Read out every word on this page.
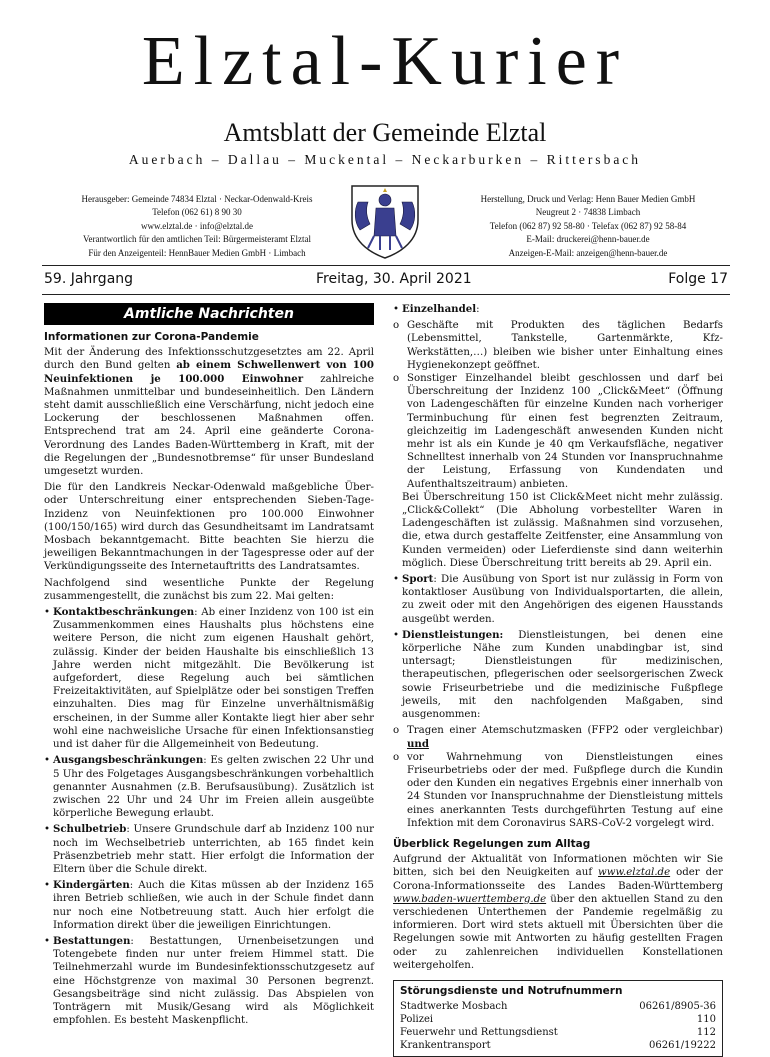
Elztal-Kurier
Amtsblatt der Gemeinde Elztal
Auerbach – Dallau – Muckental – Neckarburken – Rittersbach
Herausgeber: Gemeinde 74834 Elztal · Neckar-Odenwald-Kreis
Telefon (062 61) 8 90 30
www.elztal.de · info@elztal.de
Verantwortlich für den amtlichen Teil: Bürgermeisteramt Elztal
Für den Anzeigenteil: HennBauer Medien GmbH · Limbach
Herstellung, Druck und Verlag: Henn Bauer Medien GmbH
Neugreut 2 · 74838 Limbach
Telefon (062 87) 92 58-80 · Telefax (062 87) 92 58-84
E-Mail: druckerei@henn-bauer.de
Anzeigen-E-Mail: anzeigen@henn-bauer.de
59. Jahrgang	Freitag, 30. April 2021	Folge 17
Amtliche Nachrichten
Informationen zur Corona-Pandemie

Mit der Änderung des Infektionsschutzgesetztes am 22. April durch den Bund gelten ab einem Schwellenwert von 100 Neuinfektionen je 100.000 Einwohner zahlreiche Maßnahmen unmittelbar und bundeseinheitlich. Den Ländern steht damit ausschließlich eine Verschärfung, nicht jedoch eine Lockerung der beschlossenen Maßnahmen offen. Entsprechend trat am 24. April eine geänderte Corona-Verordnung des Landes Baden-Württemberg in Kraft, mit der die Regelungen der „Bundesnotbremse“ für unser Bundesland umgesetzt wurden.

Die für den Landkreis Neckar-Odenwald maßgebliche Über- oder Unterschreitung einer entsprechenden Sieben-Tage-Inzidenz von Neuinfektionen pro 100.000 Einwohner (100/150/165) wird durch das Gesundheitsamt im Landratsamt Mosbach bekanntgemacht. Bitte beachten Sie hierzu die jeweiligen Bekanntmachungen in der Tagespresse oder auf der Verkündigungsseite des Internetauftritts des Landratsamtes.

Nachfolgend sind wesentliche Punkte der Regelung zusammengestellt, die zunächst bis zum 22. Mai gelten:

• Kontaktbeschränkungen: Ab einer Inzidenz von 100 ist ein Zusammenkommen eines Haushalts plus höchstens eine weitere Person, die nicht zum eigenen Haushalt gehört, zulässig. Kinder der beiden Haushalte bis einschließlich 13 Jahre werden nicht mitgezählt. Die Bevölkerung ist aufgefordert, diese Regelung auch bei sämtlichen Freizeitaktivitäten, auf Spielplätze oder bei sonstigen Treffen einzuhalten. Dies mag für Einzelne unverhältnismäßig erscheinen, in der Summe aller Kontakte liegt hier aber sehr wohl eine nachweisliche Ursache für einen Infektionsanstieg und ist daher für die Allgemeinheit von Bedeutung.
• Ausgangsbeschränkungen: Es gelten zwischen 22 Uhr und 5 Uhr des Folgetages Ausgangsbeschränkungen vorbehaltlich genannter Ausnahmen (z.B. Berufsausübung). Zusätzlich ist zwischen 22 Uhr und 24 Uhr im Freien allein ausgeübte körperliche Bewegung erlaubt.
• Schulbetrieb: Unsere Grundschule darf ab Inzidenz 100 nur noch im Wechselbetrieb unterrichten, ab 165 findet kein Präsenzbetrieb mehr statt. Hier erfolgt die Information der Eltern über die Schule direkt.
• Kindergärten: Auch die Kitas müssen ab der Inzidenz 165 ihren Betrieb schließen, wie auch in der Schule findet dann nur noch eine Notbetreuung statt. Auch hier erfolgt die Information direkt über die jeweiligen Einrichtungen.
• Bestattungen: Bestattungen, Urnenbeisetzungen und Totengebete finden nur unter freiem Himmel statt. Die Teilnehmerzahl wurde im Bundesinfektionsschutzgesetz auf eine Höchstgrenze von maximal 30 Personen begrenzt. Gesangsbeiträge sind nicht zulässig. Das Abspielen von Tonträgern mit Musik/Gesang wird als Möglichkeit empfohlen. Es besteht Maskenpflicht.
• Einzelhandel:
o Geschäfte mit Produkten des täglichen Bedarfs (Lebensmittel, Tankstelle, Gartenmärkte, Kfz-Werkstätten,…) bleiben wie bisher unter Einhaltung eines Hygienekonzept geöffnet.
o Sonstiger Einzelhandel bleibt geschlossen und darf bei Überschreitung der Inzidenz 100 „Click&Meet“ (Öffnung von Ladengeschäften für einzelne Kunden nach vorheriger Terminbuchung für einen fest begrenzten Zeitraum, gleichzeitig im Ladengeschäft anwesenden Kunden nicht mehr ist als ein Kunde je 40 qm Verkaufsfläche, negativer Schnelltest innerhalb von 24 Stunden vor Inanspruchnahme der Leistung, Erfassung von Kundendaten und Aufenthaltszeitraum) anbieten.

Bei Überschreitung 150 ist Click&Meet nicht mehr zulässig. „Click&Collekt“ (Die Abholung vorbestellter Waren in Ladengeschäften ist zulässig. Maßnahmen sind vorzusehen, die, etwa durch gestaffelte Zeitfenster, eine Ansammlung von Kunden vermeiden) oder Lieferdienste sind dann weiterhin möglich. Diese Überschreitung tritt bereits ab 29. April ein.

• Sport: Die Ausübung von Sport ist nur zulässig in Form von kontaktloser Ausübung von Individualsportarten, die allein, zu zweit oder mit den Angehörigen des eigenen Hausstands ausgeübt werden.
• Dienstleistungen: Dienstleistungen, bei denen eine körperliche Nähe zum Kunden unabdingbar ist, sind untersagt; Dienstleistungen für medizinischen, therapeutischen, pflegerischen oder seelsorgerischen Zweck sowie Friseurbetriebe und die medizinische Fußpflege jeweils, mit den nachfolgenden Maßgaben, sind ausgenommen:
o Tragen einer Atemschutzmasken (FFP2 oder vergleichbar) und
o vor Wahrnehmung von Dienstleistungen eines Friseurbetriebs oder der med. Fußpflege durch die Kundin oder den Kunden ein negatives Ergebnis einer innerhalb von 24 Stunden vor Inanspruchnahme der Dienstleistung mittels eines anerkannten Tests durchgeführten Testung auf eine Infektion mit dem Coronavirus SARS-CoV-2 vorgelegt wird.
Überblick Regelungen zum Alltag

Aufgrund der Aktualität von Informationen möchten wir Sie bitten, sich bei den Neuigkeiten auf www.elztal.de oder der Corona-Informationsseite des Landes Baden-Württemberg www.baden-wuerttemberg.de über den aktuellen Stand zu den verschiedenen Unterthemen der Pandemie regelmäßig zu informieren. Dort wird stets aktuell mit Übersichten über die Regelungen sowie mit Antworten zu häufig gestellten Fragen oder zu zahlenreichen individuellen Konstellationen weitergeholfen.

Störungsdienste und Notrufnummern
Stadtwerke Mosbach	06261/8905-36
Polizei	110
Feuerwehr und Rettungsdienst	112
Krankentransport	06261/19222
